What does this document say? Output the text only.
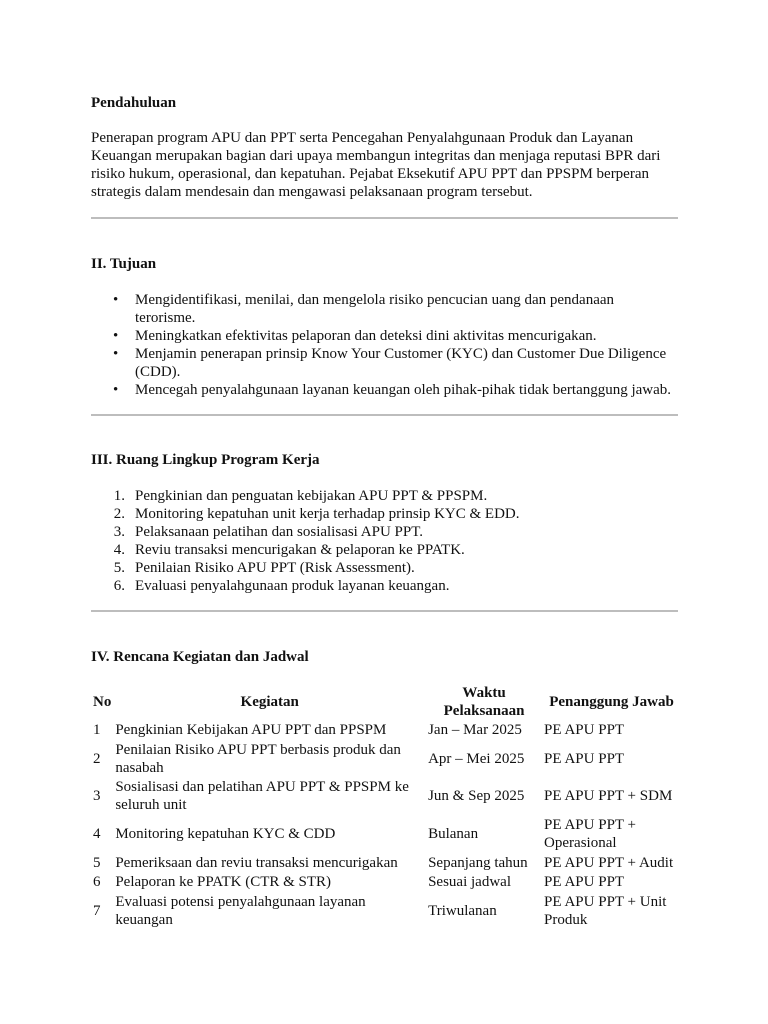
Pendahuluan

Penerapan program APU dan PPT serta Pencegahan Penyalahgunaan Produk dan Layanan Keuangan merupakan bagian dari upaya membangun integritas dan menjaga reputasi BPR dari risiko hukum, operasional, dan kepatuhan. Pejabat Eksekutif APU PPT dan PPSPM berperan strategis dalam mendesain dan mengawasi pelaksanaan program tersebut.

II. Tujuan
• Mengidentifikasi, menilai, dan mengelola risiko pencucian uang dan pendanaan terorisme.
• Meningkatkan efektivitas pelaporan dan deteksi dini aktivitas mencurigakan.
• Menjamin penerapan prinsip Know Your Customer (KYC) dan Customer Due Diligence (CDD).
• Mencegah penyalahgunaan layanan keuangan oleh pihak-pihak tidak bertanggung jawab.
III. Ruang Lingkup Program Kerja
1. Pengkinian dan penguatan kebijakan APU PPT & PPSPM.
2. Monitoring kepatuhan unit kerja terhadap prinsip KYC & EDD.
3. Pelaksanaan pelatihan dan sosialisasi APU PPT.
4. Reviu transaksi mencurigakan & pelaporan ke PPATK.
5. Penilaian Risiko APU PPT (Risk Assessment).
6. Evaluasi penyalahgunaan produk layanan keuangan.
IV. Rencana Kegiatan dan Jadwal
No	Kegiatan	Waktu Pelaksanaan	Penanggung Jawab
1	Pengkinian Kebijakan APU PPT dan PPSPM	Jan – Mar 2025	PE APU PPT
2	Penilaian Risiko APU PPT berbasis produk dan nasabah	Apr – Mei 2025	PE APU PPT
3	Sosialisasi dan pelatihan APU PPT & PPSPM ke seluruh unit	Jun & Sep 2025	PE APU PPT + SDM
4	Monitoring kepatuhan KYC & CDD	Bulanan	PE APU PPT + Operasional
5	Pemeriksaan dan reviu transaksi mencurigakan	Sepanjang tahun	PE APU PPT + Audit
6	Pelaporan ke PPATK (CTR & STR)	Sesuai jadwal	PE APU PPT
7	Evaluasi potensi penyalahgunaan layanan keuangan	Triwulanan	PE APU PPT + Unit Produk
